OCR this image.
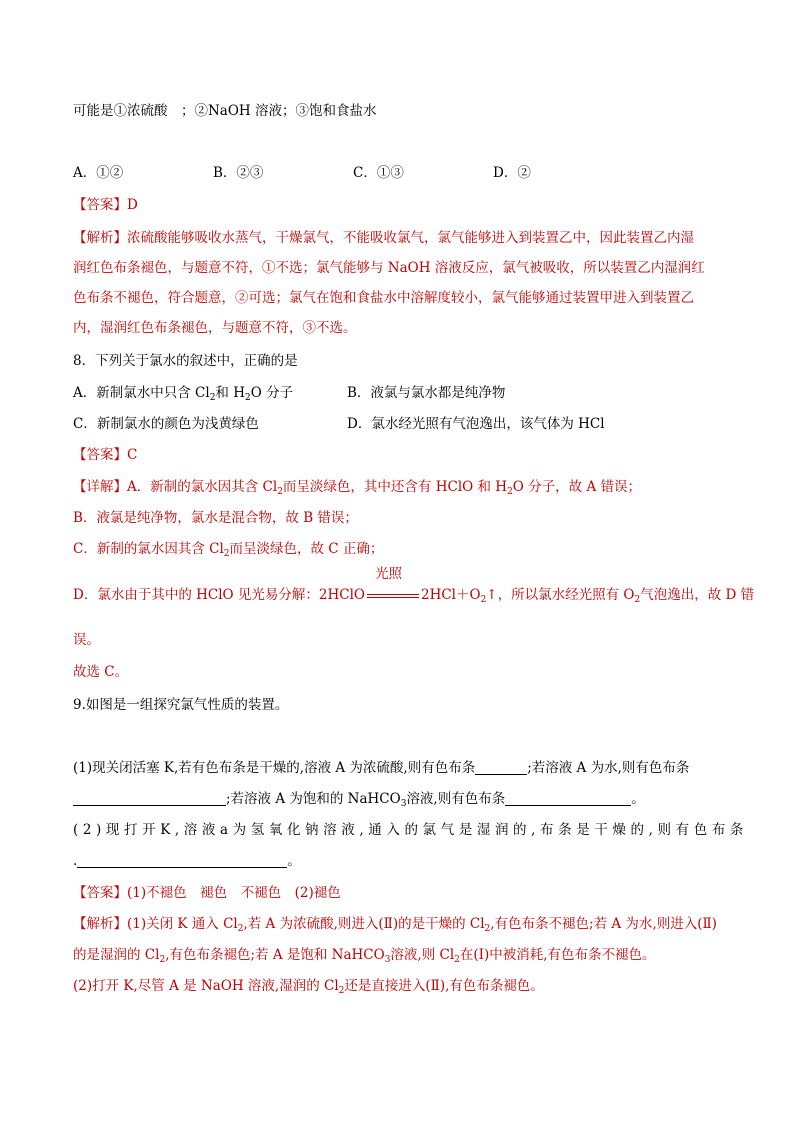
可能是①浓硫酸　；②NaOH 溶液；③饱和食盐水
A．①②	B．②③	C．①③	D．②
【答案】D
【解析】浓硫酸能够吸收水蒸气，干燥氯气，不能吸收氯气，氯气能够进入到装置乙中，因此装置乙内湿
润红色布条褪色，与题意不符，①不选；氯气能够与 NaOH 溶液反应，氯气被吸收，所以装置乙内湿润红
色布条不褪色，符合题意，②可选；氯气在饱和食盐水中溶解度较小，氯气能够通过装置甲进入到装置乙
内，湿润红色布条褪色，与题意不符，③不选。
8．下列关于氯水的叙述中，正确的是
A．新制氯水中只含 $Cl_2$和 $H_2O$ 分子	B．液氯与氯水都是纯净物
C．新制氯水的颜色为浅黄绿色	D．氯水经光照有气泡逸出，该气体为 HCl
【答案】C
【详解】A．新制的氯水因其含 $Cl_2$而呈淡绿色，其中还含有 HClO 和 $H_2O$ 分子，故 A 错误；
B．液氯是纯净物，氯水是混合物，故 B 错误；
C．新制的氯水因其含 $Cl_2$而呈淡绿色，故 C 正确；
D．氯水由于其中的 HClO 见光易分解：2HClO
光照
$2HCl+O_2↑$，所以氯水经光照有 $O_2$气泡逸出，故 D 错
误。
故选 C。
9.如图是一组探究氯气性质的装置。
(1)现关闭活塞 K,若有色布条是干燥的,溶液 A 为浓硫酸,则有色布条	;若溶液 A 为水,则有色布条
;若溶液 A 为饱和的 NaHCO$_3$溶液,则有色布条	。
(2)现打开K,溶液a为氢氧化钠溶液,通入的氯气是湿润的,布条是干燥的,则有色布条
.	。
【答案】(1)不褪色　褪色　不褪色　(2)褪色
【解析】(1)关闭 K 通入 $Cl_2$,若 A 为浓硫酸,则进入(Ⅱ)的是干燥的 $Cl_2$,有色布条不褪色;若 A 为水,则进入(Ⅱ)
的是湿润的 $Cl_2$,有色布条褪色;若 A 是饱和 NaHCO$_3$溶液,则 $Cl_2$在(Ⅰ)中被消耗,有色布条不褪色。
(2)打开 K,尽管 A 是 NaOH 溶液,湿润的 $Cl_2$还是直接进入(Ⅱ),有色布条褪色。
